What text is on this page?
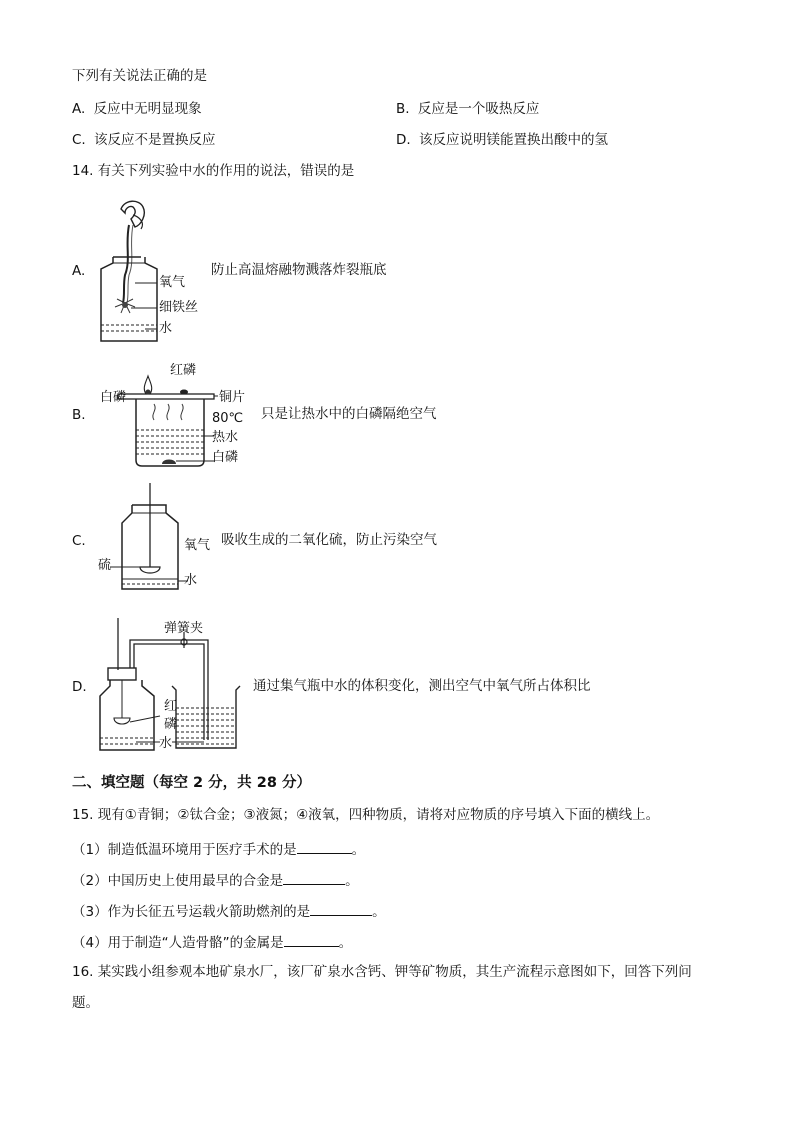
下列有关说法正确的是
A. 反应中无明显现象	B. 反应是一个吸热反应
C. 该反应不是置换反应	D. 该反应说明镁能置换出酸中的氢
14. 有关下列实验中水的作用的说法，错误的是
A.
氧气
细铁丝
水
防止高温熔融物溅落炸裂瓶底
B.
红磷
白磷	铜片
80℃
热水
白磷
只是让热水中的白磷隔绝空气
C.	氧气
硫
水
吸收生成的二氧化硫，防止污染空气
D.
弹簧夹
红
磷
水
通过集气瓶中水的体积变化，测出空气中氧气所占体积比
二、填空题（每空 2 分，共 28 分）
15. 现有①青铜；②钛合金；③液氮；④液氧，四种物质，请将对应物质的序号填入下面的横线上。
（1）制造低温环境用于医疗手术的是	。
（2）中国历史上使用最早的合金是	。
（3）作为长征五号运载火箭助燃剂的是	。
（4）用于制造“人造骨骼”的金属是	。
16. 某实践小组参观本地矿泉水厂，该厂矿泉水含钙、钾等矿物质，其生产流程示意图如下，回答下列问
题。
